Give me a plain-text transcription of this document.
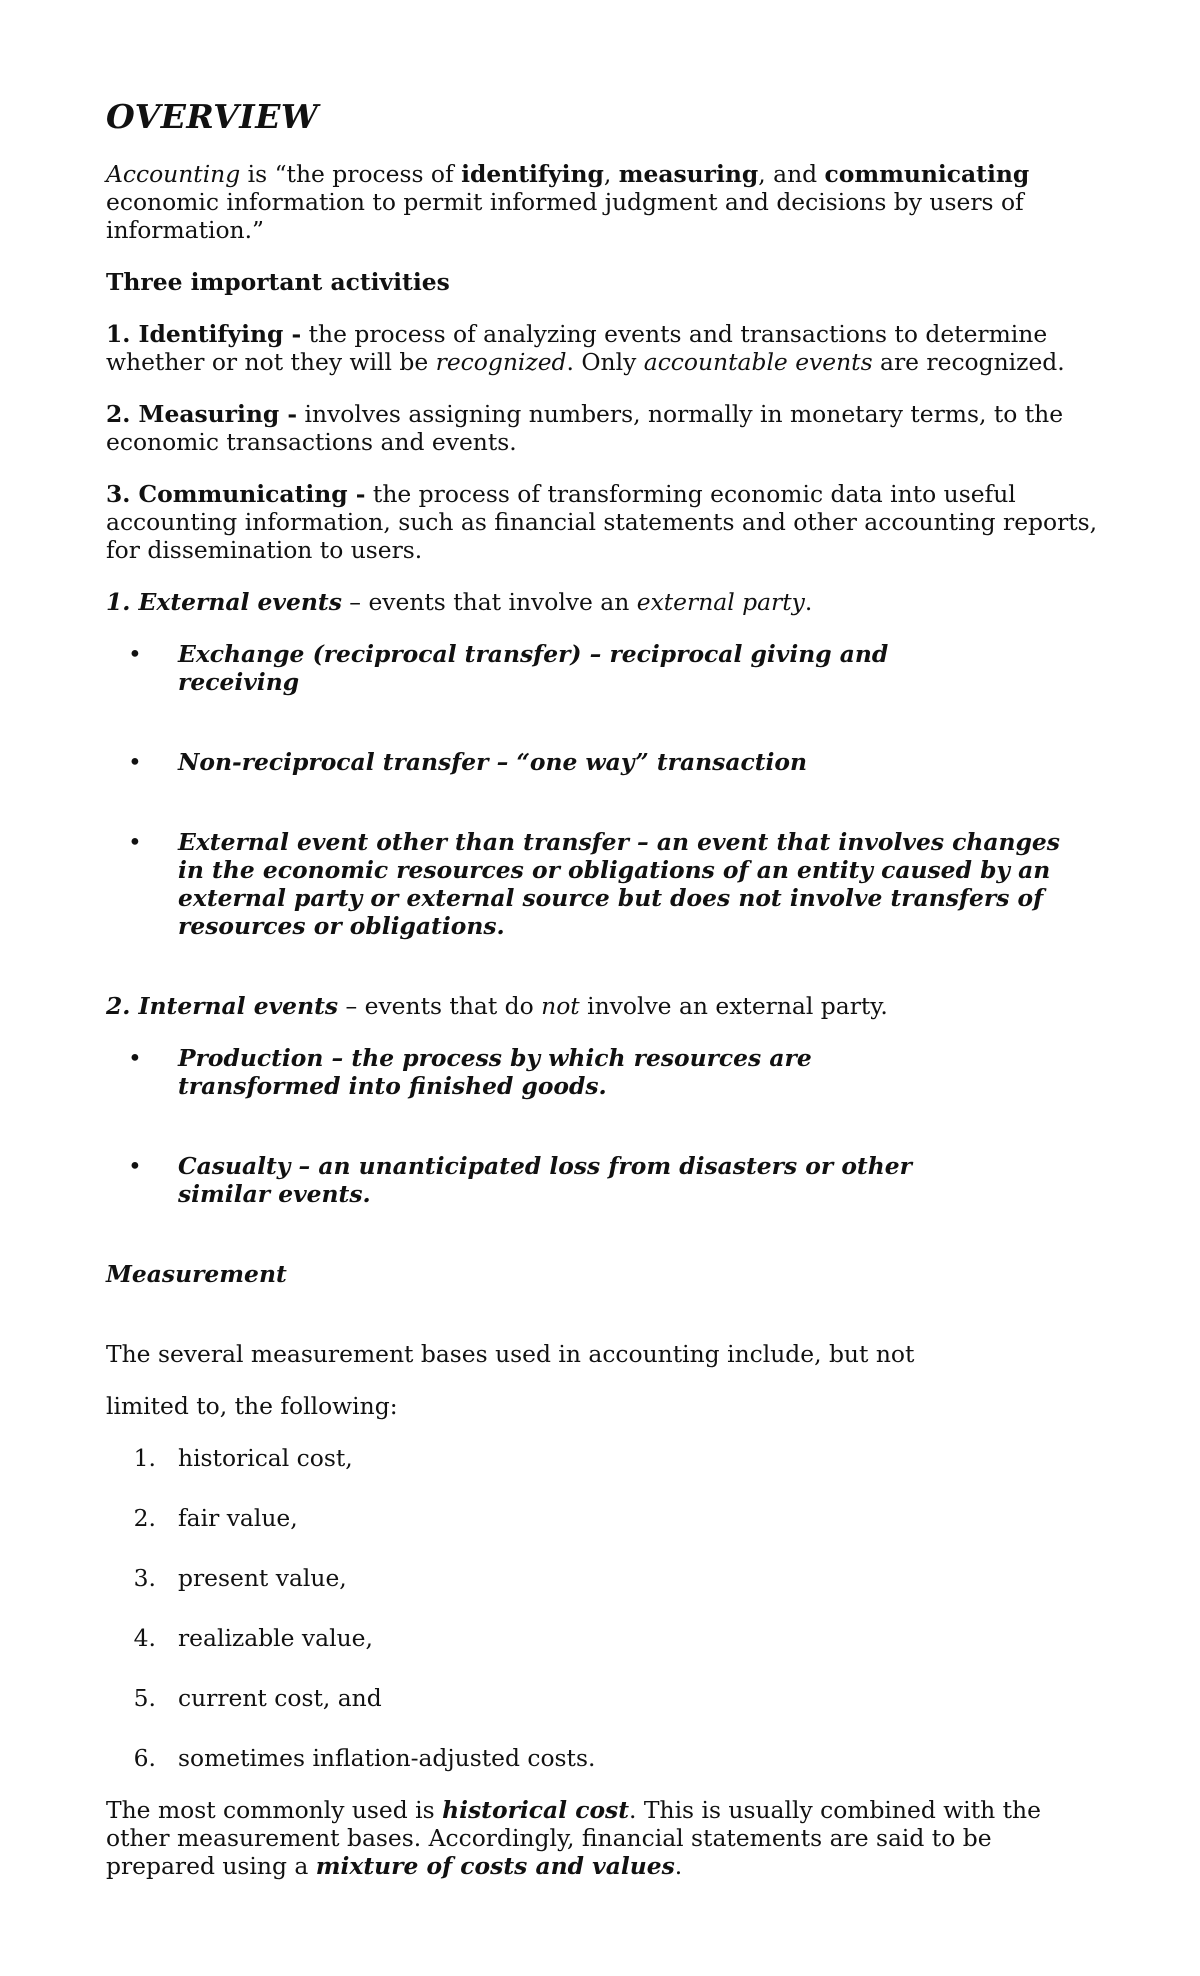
OVERVIEW

Accounting is “the process of identifying, measuring, and communicating economic information to permit informed judgment and decisions by users of information.”

Three important activities

1. Identifying - the process of analyzing events and transactions to determine whether or not they will be recognized. Only accountable events are recognized.

2. Measuring - involves assigning numbers, normally in monetary terms, to the economic transactions and events.

3. Communicating - the process of transforming economic data into useful accounting information, such as financial statements and other accounting reports, for dissemination to users.

1. External events – events that involve an external party.

• Exchange (reciprocal transfer) – reciprocal giving and receiving
• Non-reciprocal transfer – “one way” transaction
• External event other than transfer – an event that involves changes in the economic resources or obligations of an entity caused by an external party or external source but does not involve transfers of resources or obligations.

2. Internal events – events that do not involve an external party.

• Production – the process by which resources are transformed into finished goods.
• Casualty – an unanticipated loss from disasters or other similar events.

Measurement

The several measurement bases used in accounting include, but not

limited to, the following:

1. historical cost,
2. fair value,
3. present value,
4. realizable value,
5. current cost, and
6. sometimes inflation-adjusted costs.

The most commonly used is historical cost. This is usually combined with the other measurement bases. Accordingly, financial statements are said to be prepared using a mixture of costs and values.
